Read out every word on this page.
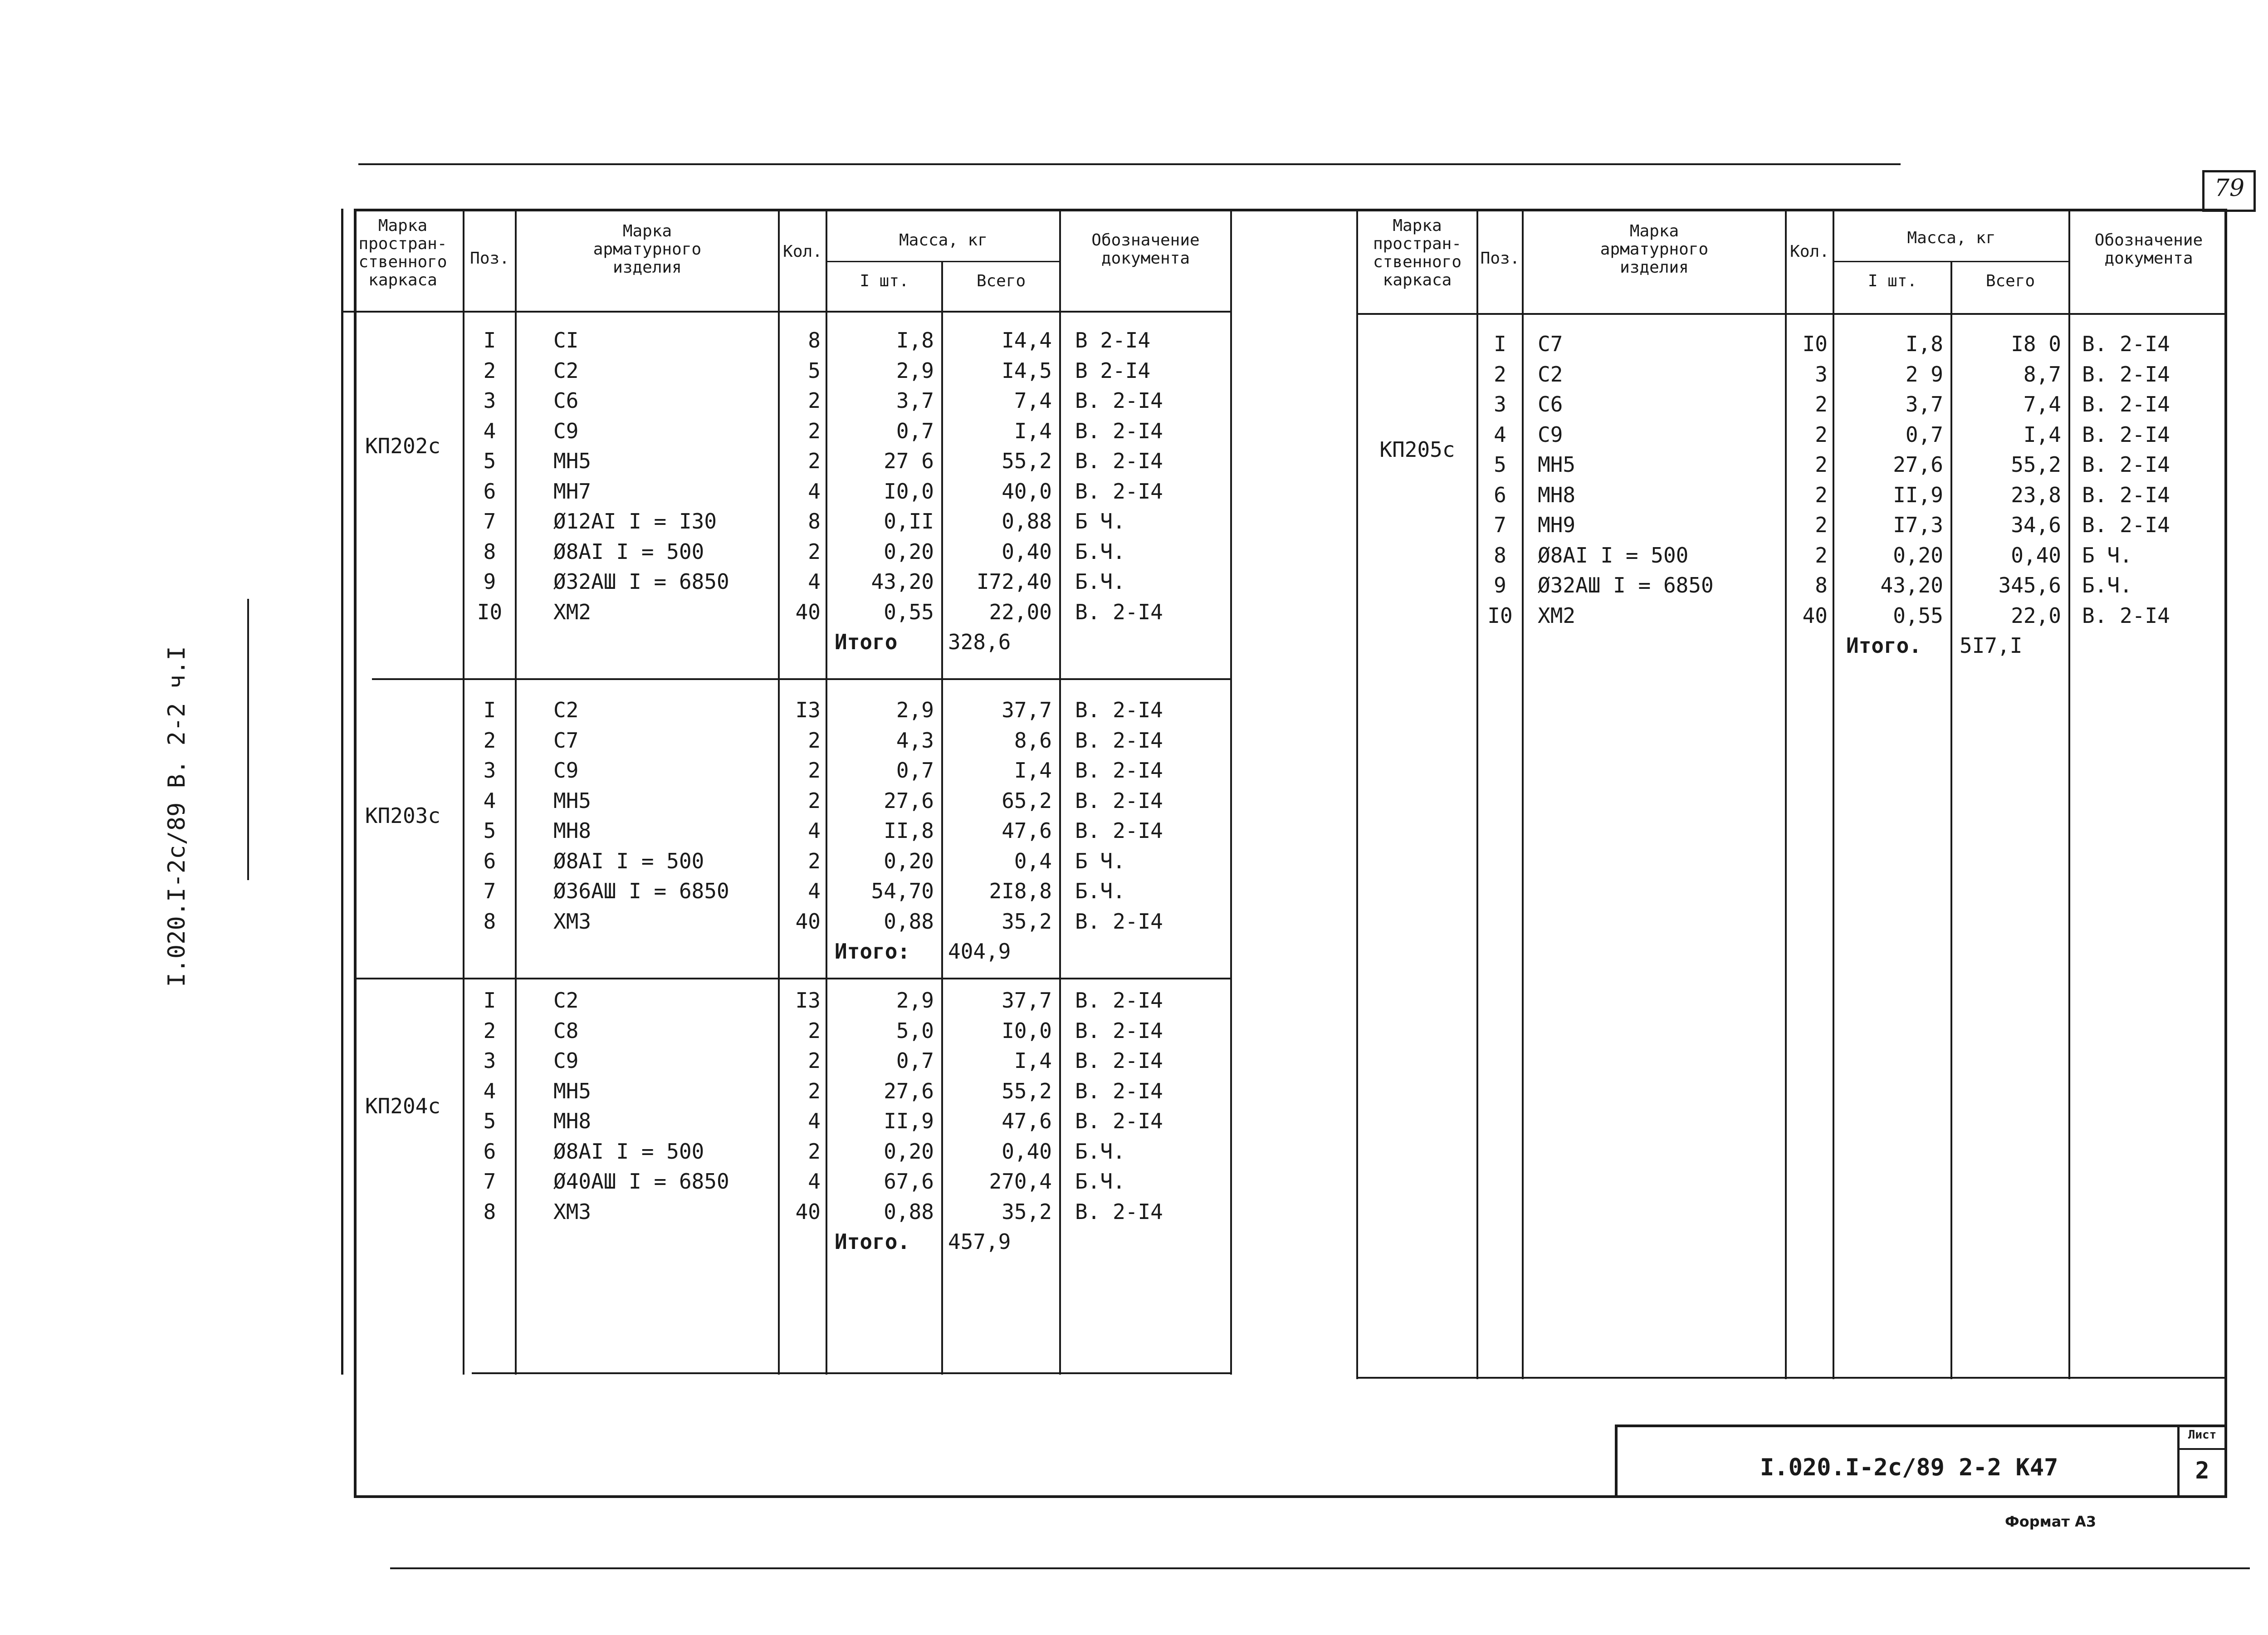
79
I.020.I-2c/89 B. 2-2 ч.I
Марка
простран-
ственного
каркаса
Поз.
Марка
арматурного
изделия
Кол.
Масса, кг
I шт.	Всего
Обозначение
документа
Марка
простран-
ственного
каркаса
Поз.
Марка
арматурного
изделия
Кол.
Масса, кг
I шт.	Всего
Обозначение
документа
КП202с
I	CI	8	I,8	I4,4 В 2-I4
2	C2	5	2,9	I4,5 В 2-I4
3	C6	2	3,7	7,4 В. 2-I4
4	C9	2	0,7	I,4 В. 2-I4
5	МН5	2	27 6	55,2 В. 2-I4
6	МН7	4	I0,0	40,0 В. 2-I4
7	Ø12AI I = I30	8	0,II	0,88 Б Ч.
8	Ø8AI I = 500	2	0,20	0,40 Б.Ч.
9	Ø32AШ I = 6850	4	43,20	I72,40 Б.Ч.
I0	ХМ2	40	0,55	22,00 В. 2-I4
Итого 328,6
КП203с
I	C2	I3	2,9	37,7 В. 2-I4
2	C7	2	4,3	8,6 В. 2-I4
3	C9	2	0,7	I,4 В. 2-I4
4	МН5	2	27,6	65,2 В. 2-I4
5	МН8	4	II,8	47,6 В. 2-I4
6	Ø8AI I = 500	2	0,20	0,4 Б Ч.
7	Ø36AШ I = 6850	4	54,70	2I8,8 Б.Ч.
8	ХМ3	40	0,88	35,2 В. 2-I4
Итого: 404,9
КП204с
I	C2	I3	2,9	37,7 В. 2-I4
2	C8	2	5,0	I0,0 В. 2-I4
3	C9	2	0,7	I,4 В. 2-I4
4	МН5	2	27,6	55,2 В. 2-I4
5	МН8	4	II,9	47,6 В. 2-I4
6	Ø8AI I = 500	2	0,20	0,40 Б.Ч.
7	Ø40AШ I = 6850	4	67,6	270,4 Б.Ч.
8	ХМ3	40	0,88	35,2 В. 2-I4
Итого. 457,9
КП205с
I	C7	I0	I,8	I8 0 В. 2-I4
2	C2	3	2 9	8,7 В. 2-I4
3	C6	2	3,7	7,4 В. 2-I4
4	C9	2	0,7	I,4 В. 2-I4
5	МН5	2	27,6	55,2 В. 2-I4
6	МН8	2	II,9	23,8 В. 2-I4
7	МН9	2	I7,3	34,6 В. 2-I4
8	Ø8AI I = 500	2	0,20	0,40 Б Ч.
9	Ø32AШ I = 6850	8	43,20	345,6 Б.Ч.
I0	ХМ2	40	0,55	22,0 В. 2-I4
Итого. 5I7,I
I.020.I-2с/89 2-2 К47
Лист
2
Формат А3
